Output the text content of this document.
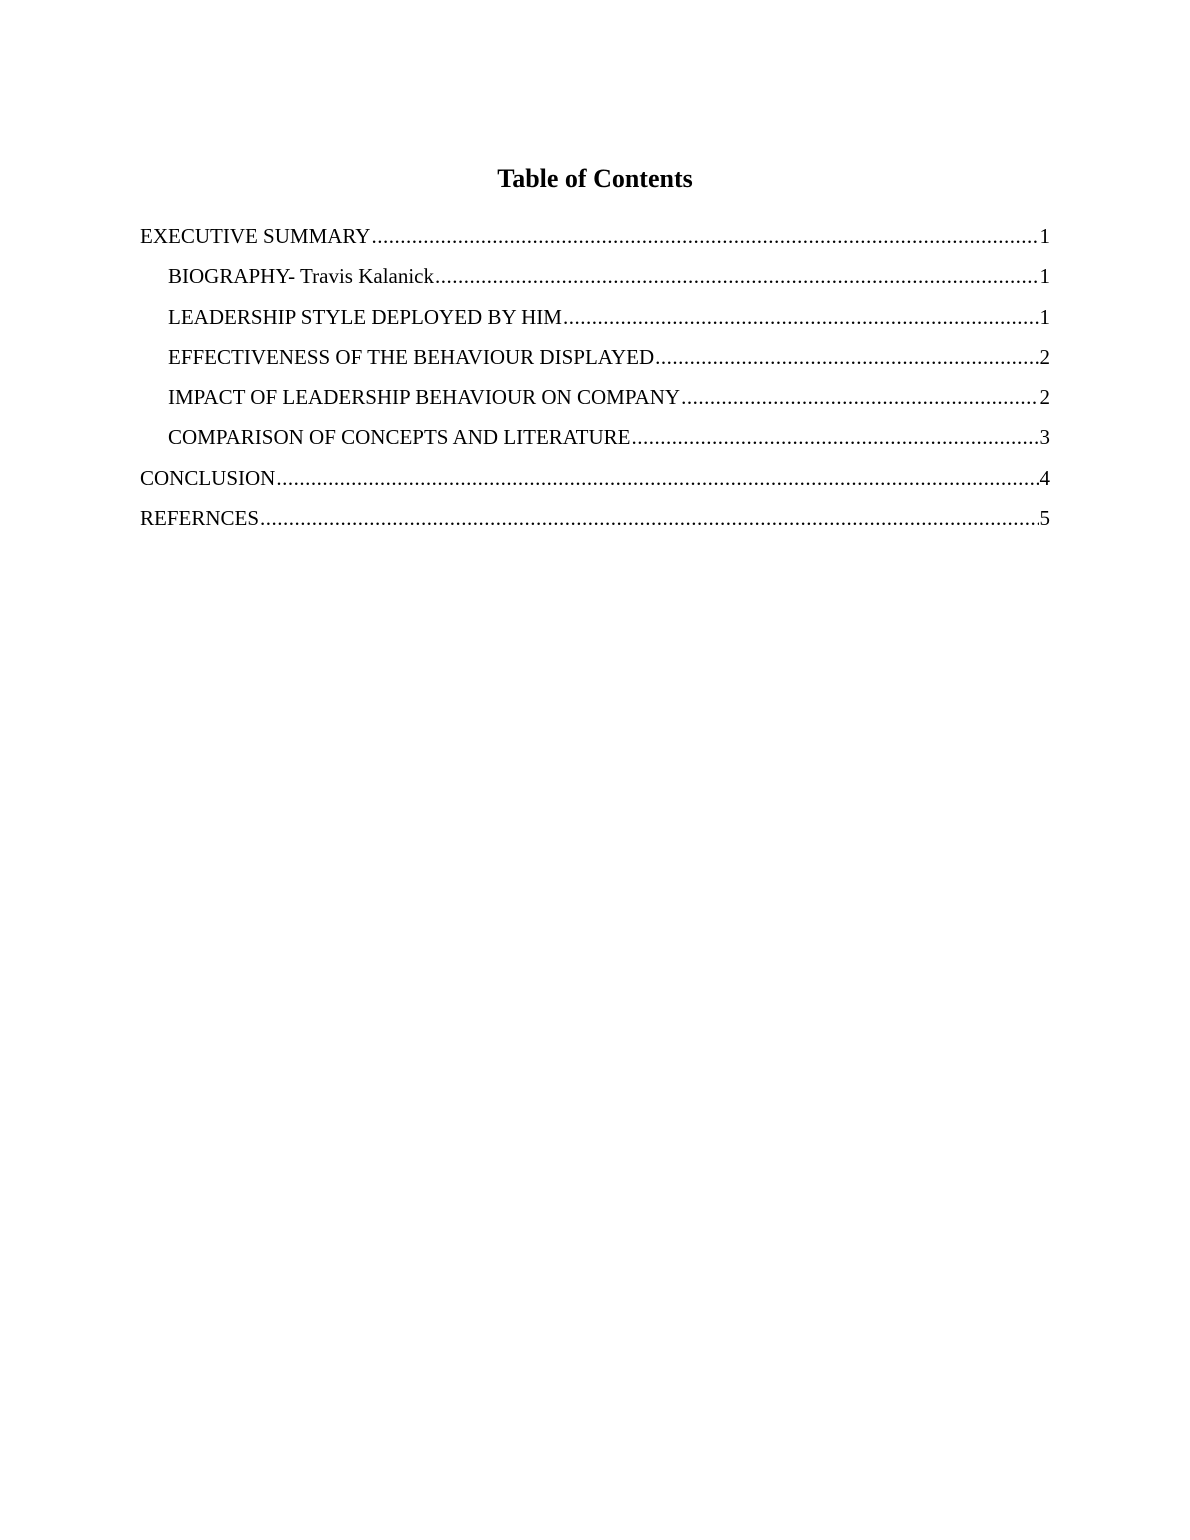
Table of Contents
EXECUTIVE SUMMARY .....	1
BIOGRAPHY- Travis Kalanick .....	1
LEADERSHIP STYLE DEPLOYED BY HIM .....	1
EFFECTIVENESS OF THE BEHAVIOUR DISPLAYED .....	2
IMPACT OF LEADERSHIP BEHAVIOUR ON COMPANY .....	2
COMPARISON OF CONCEPTS AND LITERATURE .....	3
CONCLUSION .....	4
REFERNCES .....	5
